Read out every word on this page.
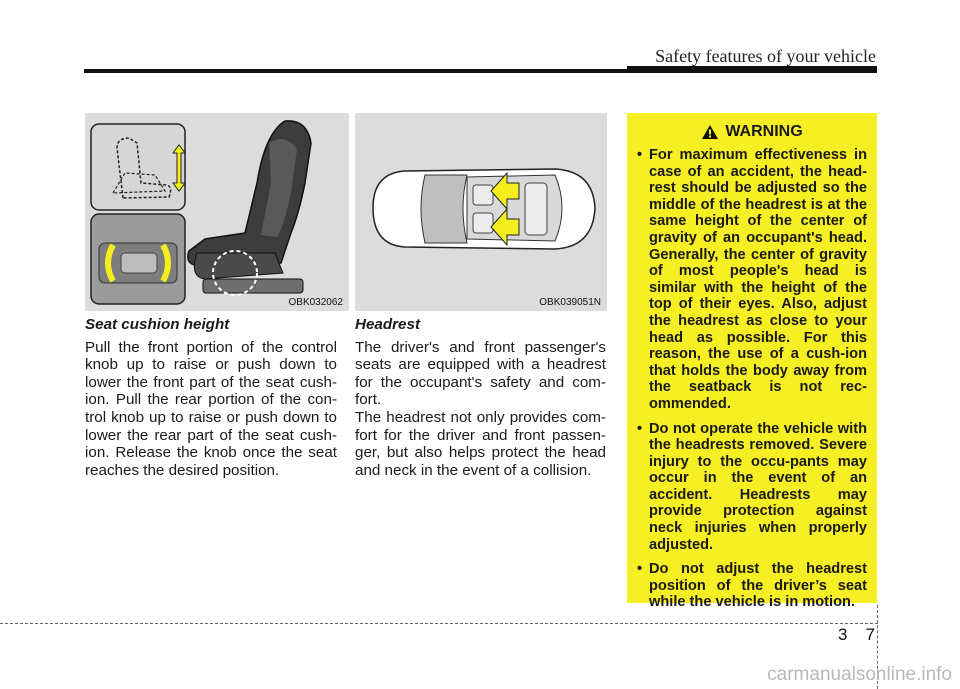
Safety features of your vehicle
OBK032062	OBK039051N

Seat cushion height

Pull the front portion of the control knob up to raise or push down to lower the front part of the seat cush-ion. Pull the rear portion of the con-trol knob up to raise or push down to lower the rear part of the seat cush-ion. Release the knob once the seat reaches the desired position.

Headrest

The driver's and front passenger's seats are equipped with a headrest for the occupant's safety and com-fort.

The headrest not only provides com-fort for the driver and front passen-ger, but also helps protect the head and neck in the event of a collision.

WARNING
• For maximum effectiveness in case of an accident, the head-rest should be adjusted so the middle of the headrest is at the same height of the center of gravity of an occupant's head. Generally, the center of gravity of most people's head is similar with the height of the top of their eyes. Also, adjust the headrest as close to your head as possible. For this reason, the use of a cush-ion that holds the body away from the seatback is not rec-ommended.
• Do not operate the vehicle with the headrests removed. Severe injury to the occu-pants may occur in the event of an accident. Headrests may provide protection against neck injuries when properly adjusted.
• Do not adjust the headrest position of the driver’s seat while the vehicle is in motion.
3 7
carmanualsonline.info
